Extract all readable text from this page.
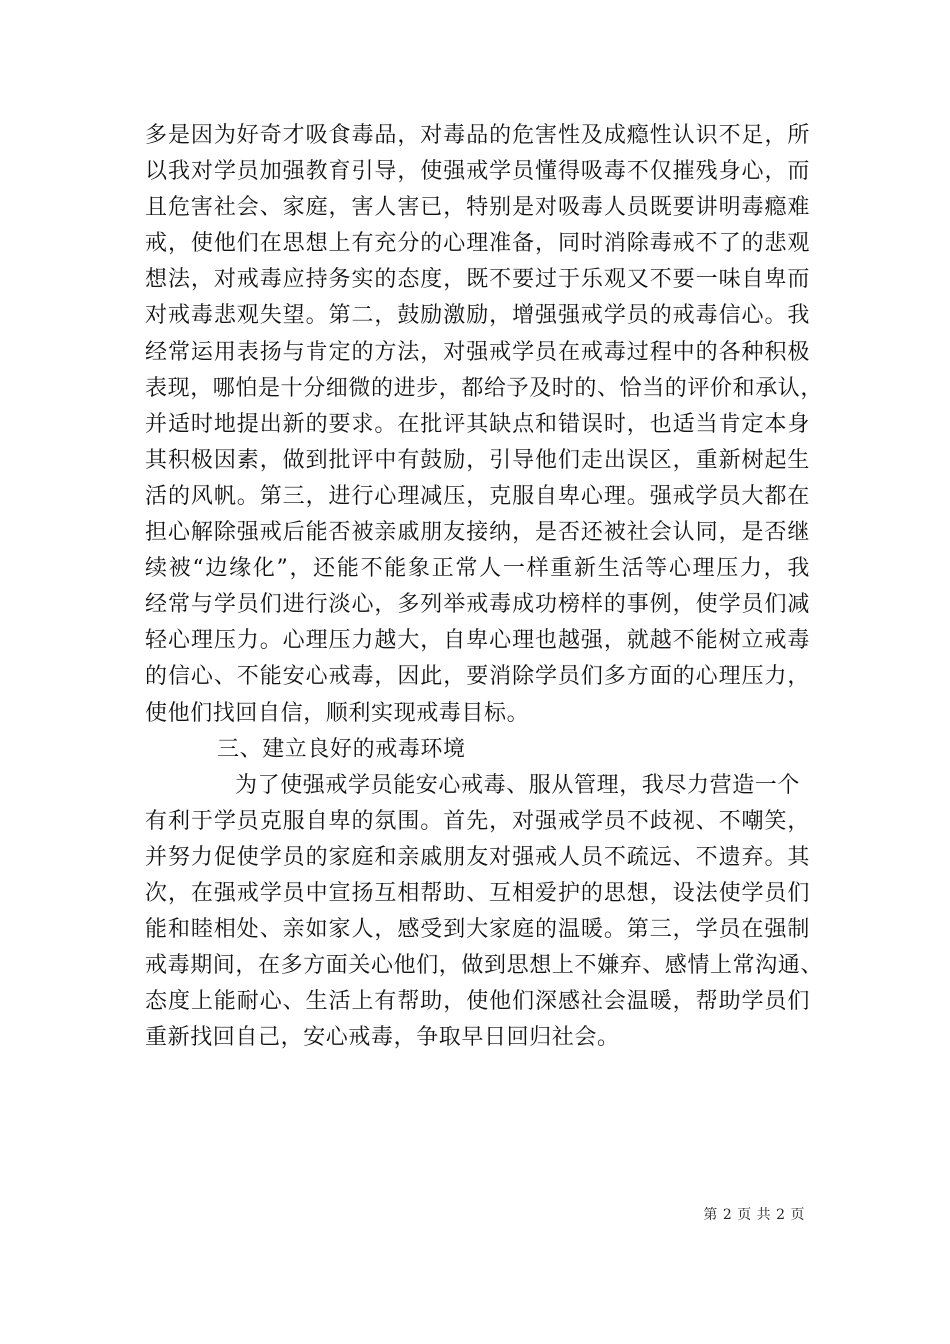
多是因为好奇才吸食毒品，对毒品的危害性及成瘾性认识不足，所
以我对学员加强教育引导，使强戒学员懂得吸毒不仅摧残身心，而
且危害社会、家庭，害人害已，特别是对吸毒人员既要讲明毒瘾难
戒，使他们在思想上有充分的心理准备，同时消除毒戒不了的悲观
想法，对戒毒应持务实的态度，既不要过于乐观又不要一味自卑而
对戒毒悲观失望。第二，鼓励激励，增强强戒学员的戒毒信心。我
经常运用表扬与肯定的方法，对强戒学员在戒毒过程中的各种积极
表现，哪怕是十分细微的进步，都给予及时的、恰当的评价和承认，
并适时地提出新的要求。在批评其缺点和错误时，也适当肯定本身
其积极因素，做到批评中有鼓励，引导他们走出误区，重新树起生
活的风帆。第三，进行心理减压，克服自卑心理。强戒学员大都在
担心解除强戒后能否被亲戚朋友接纳，是否还被社会认同，是否继
续被“边缘化”，还能不能象正常人一样重新生活等心理压力，我
经常与学员们进行淡心，多列举戒毒成功榜样的事例，使学员们减
轻心理压力。心理压力越大，自卑心理也越强，就越不能树立戒毒
的信心、不能安心戒毒，因此，要消除学员们多方面的心理压力，
使他们找回自信，顺利实现戒毒目标。
三、建立良好的戒毒环境
为了使强戒学员能安心戒毒、服从管理，我尽力营造一个
有利于学员克服自卑的氛围。首先，对强戒学员不歧视、不嘲笑，
并努力促使学员的家庭和亲戚朋友对强戒人员不疏远、不遗弃。其
次，在强戒学员中宣扬互相帮助、互相爱护的思想，设法使学员们
能和睦相处、亲如家人，感受到大家庭的温暖。第三，学员在强制
戒毒期间，在多方面关心他们，做到思想上不嫌弃、感情上常沟通、
态度上能耐心、生活上有帮助，使他们深感社会温暖，帮助学员们
重新找回自己，安心戒毒，争取早日回归社会。
第 2 页 共 2 页
